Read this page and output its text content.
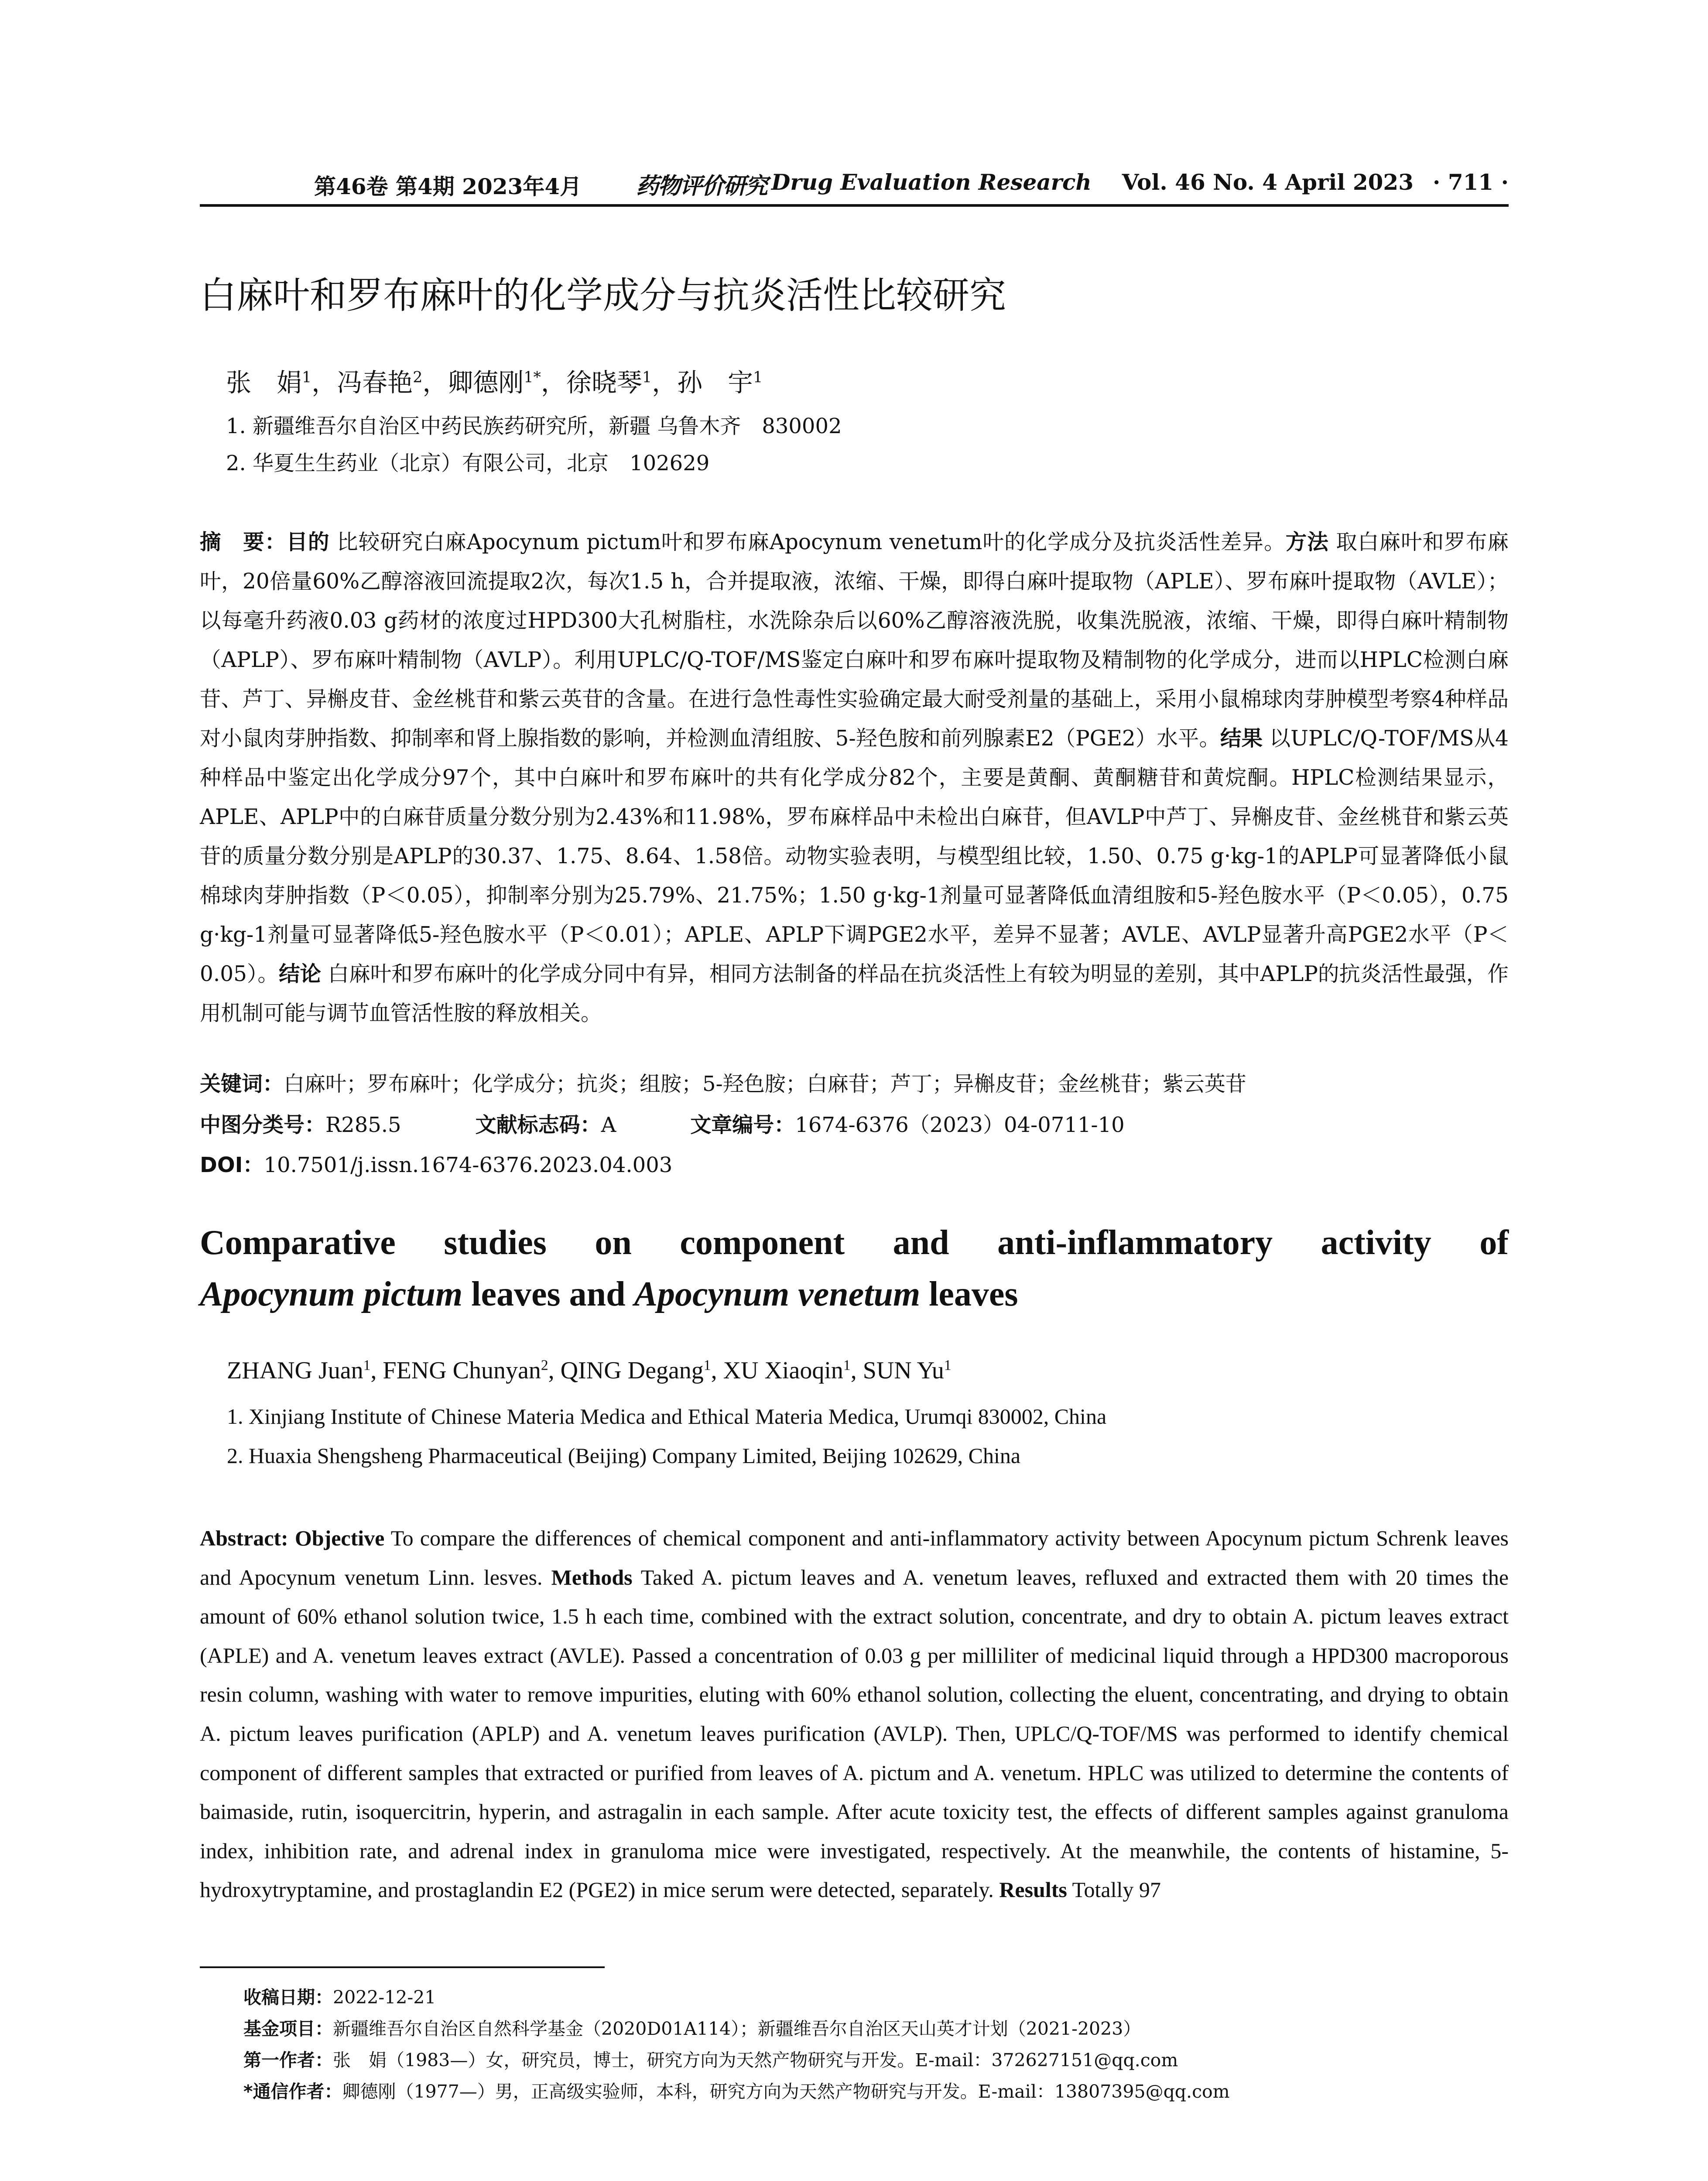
第46卷 第4期 2023年4月 药物评价研究 Drug Evaluation Research Vol. 46 No. 4 April 2023 · 711 ·
白麻叶和罗布麻叶的化学成分与抗炎活性比较研究
张　娟$^1$，冯春艳$^2$，卿德刚$^{1*}$，徐晓琴$^1$，孙　宇$^1$
1. 新疆维吾尔自治区中药民族药研究所，新疆 乌鲁木齐　830002
2. 华夏生生药业（北京）有限公司，北京　102629
摘　要：目的 比较研究白麻Apocynum pictum叶和罗布麻Apocynum venetum叶的化学成分及抗炎活性差异。方法 取白麻叶和罗布麻叶，20倍量60%乙醇溶液回流提取2次，每次1.5 h，合并提取液，浓缩、干燥，即得白麻叶提取物（APLE）、罗布麻叶提取物（AVLE）；以每毫升药液0.03 g药材的浓度过HPD300大孔树脂柱，水洗除杂后以60%乙醇溶液洗脱，收集洗脱液，浓缩、干燥，即得白麻叶精制物（APLP）、罗布麻叶精制物（AVLP）。利用UPLC/Q-TOF/MS鉴定白麻叶和罗布麻叶提取物及精制物的化学成分，进而以HPLC检测白麻苷、芦丁、异槲皮苷、金丝桃苷和紫云英苷的含量。在进行急性毒性实验确定最大耐受剂量的基础上，采用小鼠棉球肉芽肿模型考察4种样品对小鼠肉芽肿指数、抑制率和肾上腺指数的影响，并检测血清组胺、5-羟色胺和前列腺素E2（PGE2）水平。结果 以UPLC/Q-TOF/MS从4种样品中鉴定出化学成分97个，其中白麻叶和罗布麻叶的共有化学成分82个，主要是黄酮、黄酮糖苷和黄烷酮。HPLC检测结果显示，APLE、APLP中的白麻苷质量分数分别为2.43%和11.98%，罗布麻样品中未检出白麻苷，但AVLP中芦丁、异槲皮苷、金丝桃苷和紫云英苷的质量分数分别是APLP的30.37、1.75、8.64、1.58倍。动物实验表明，与模型组比较，1.50、0.75 g·kg-1的APLP可显著降低小鼠棉球肉芽肿指数（P＜0.05），抑制率分别为25.79%、21.75%；1.50 g·kg-1剂量可显著降低血清组胺和5-羟色胺水平（P＜0.05），0.75 g·kg-1剂量可显著降低5-羟色胺水平（P＜0.01）；APLE、APLP下调PGE2水平，差异不显著；AVLE、AVLP显著升高PGE2水平（P＜0.05）。结论 白麻叶和罗布麻叶的化学成分同中有异，相同方法制备的样品在抗炎活性上有较为明显的差别，其中APLP的抗炎活性最强，作用机制可能与调节血管活性胺的释放相关。
关键词：白麻叶；罗布麻叶；化学成分；抗炎；组胺；5-羟色胺；白麻苷；芦丁；异槲皮苷；金丝桃苷；紫云英苷
中图分类号：R285.5	文献标志码：A	文章编号：1674-6376（2023）04-0711-10
DOI：10.7501/j.issn.1674-6376.2023.04.003
Comparative studies on component and anti-inflammatory activity of
Apocynum pictum leaves and Apocynum venetum leaves
ZHANG Juan$^1$, FENG Chunyan$^2$, QING Degang$^1$, XU Xiaoqin$^1$, SUN Yu$^1$
1. Xinjiang Institute of Chinese Materia Medica and Ethical Materia Medica, Urumqi 830002, China
2. Huaxia Shengsheng Pharmaceutical (Beijing) Company Limited, Beijing 102629, China
Abstract: Objective To compare the differences of chemical component and anti-inflammatory activity between Apocynum pictum Schrenk leaves and Apocynum venetum Linn. lesves. Methods Taked A. pictum leaves and A. venetum leaves, refluxed and extracted them with 20 times the amount of 60% ethanol solution twice, 1.5 h each time, combined with the extract solution, concentrate, and dry to obtain A. pictum leaves extract (APLE) and A. venetum leaves extract (AVLE). Passed a concentration of 0.03 g per milliliter of medicinal liquid through a HPD300 macroporous resin column, washing with water to remove impurities, eluting with 60% ethanol solution, collecting the eluent, concentrating, and drying to obtain A. pictum leaves purification (APLP) and A. venetum leaves purification (AVLP). Then, UPLC/Q-TOF/MS was performed to identify chemical component of different samples that extracted or purified from leaves of A. pictum and A. venetum. HPLC was utilized to determine the contents of baimaside, rutin, isoquercitrin, hyperin, and astragalin in each sample. After acute toxicity test, the effects of different samples against granuloma index, inhibition rate, and adrenal index in granuloma mice were investigated, respectively. At the meanwhile, the contents of histamine, 5-hydroxytryptamine, and prostaglandin E2 (PGE2) in mice serum were detected, separately. Results Totally 97
收稿日期：2022-12-21
基金项目：新疆维吾尔自治区自然科学基金（2020D01A114）；新疆维吾尔自治区天山英才计划（2021-2023）
第一作者：张　娟（1983—）女，研究员，博士，研究方向为天然产物研究与开发。E-mail：372627151@qq.com
*通信作者：卿德刚（1977—）男，正高级实验师，本科，研究方向为天然产物研究与开发。E-mail：13807395@qq.com
